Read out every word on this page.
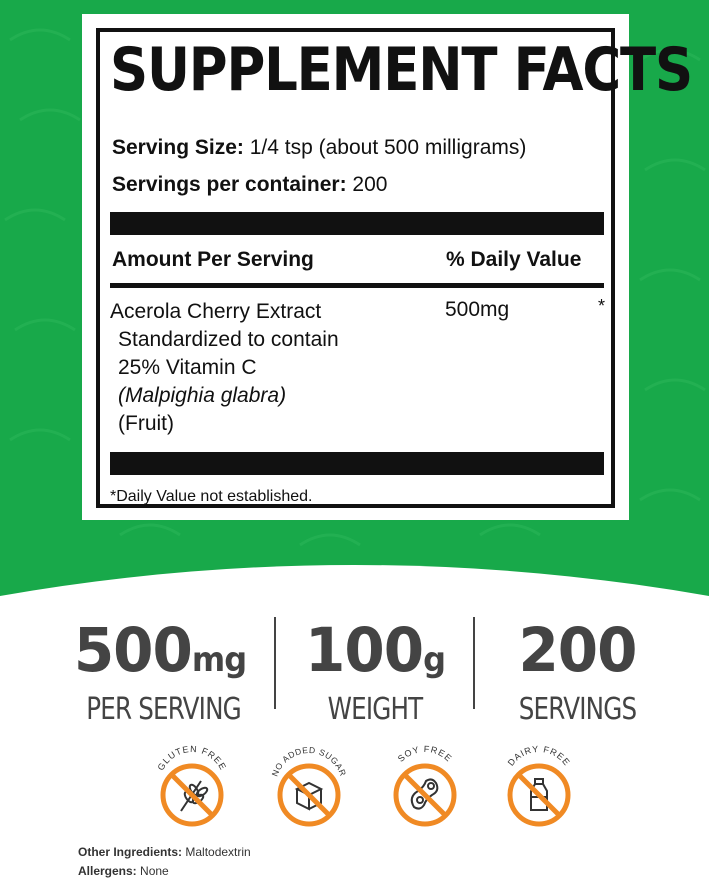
SUPPLEMENT FACTS
Serving Size: 1/4 tsp (about 500 milligrams)
Servings per container: 200
Amount Per Serving	% Daily Value
Acerola Cherry Extract
Standardized to contain
25% Vitamin C
(Malpighia glabra)
(Fruit)
500mg	*
*Daily Value not established.
500mg
PER SERVING
100g
WEIGHT
200
SERVINGS
GLUTEN FREE
NO ADDED SUGAR
SOY FREE	DAIRY FREE
Other Ingredients: Maltodextrin
Allergens: None
